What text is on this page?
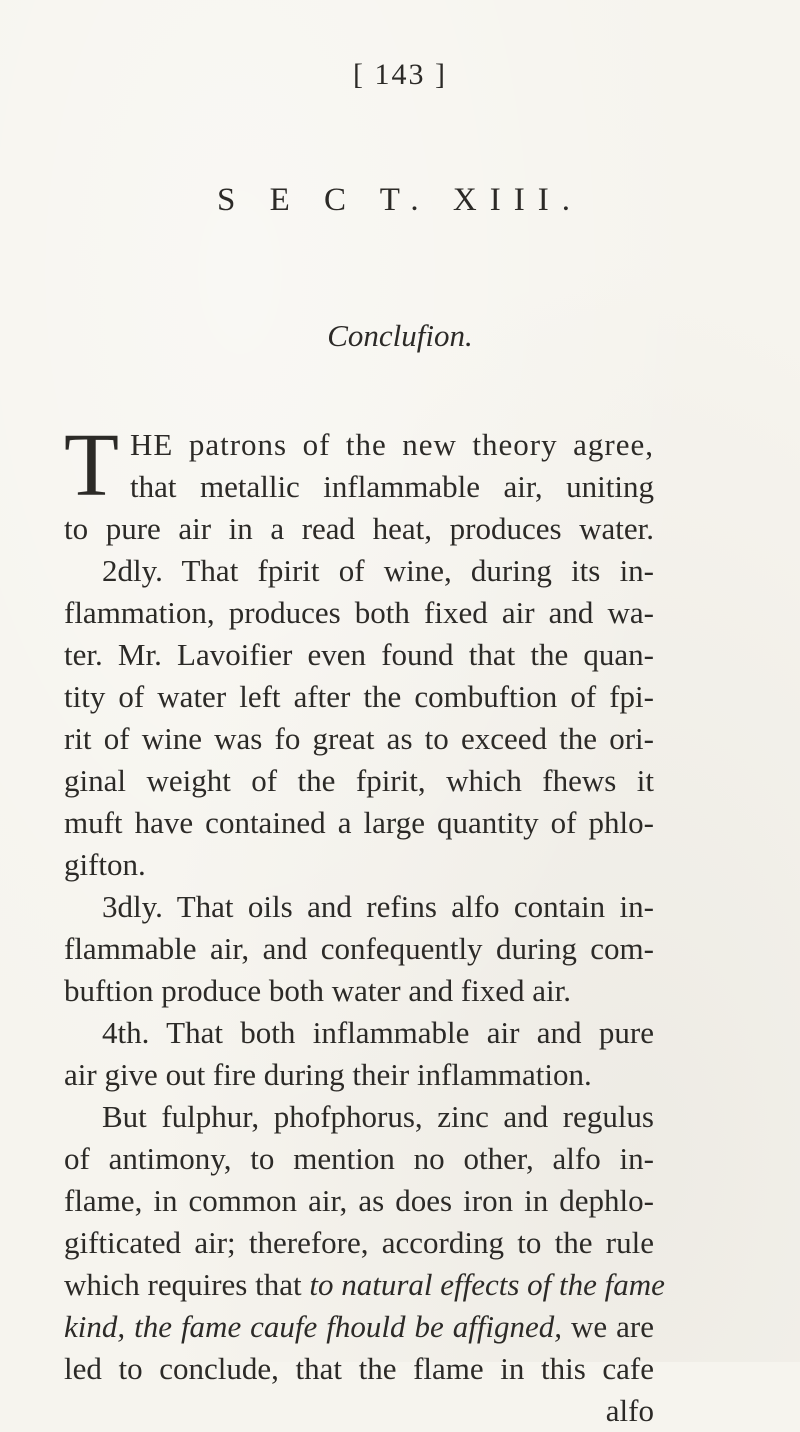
[ 143 ]
S E C T. XIII.
Conclufion.
T HE patrons of the new theory agree,
that metallic inflammable air, uniting
to pure air in a read heat, produces water.
2dly. That fpirit of wine, during its in-
flammation, produces both fixed air and wa-
ter. Mr. Lavoifier even found that the quan-
tity of water left after the combuftion of fpi-
rit of wine was fo great as to exceed the ori-
ginal weight of the fpirit, which fhews it
muft have contained a large quantity of phlo-
gifton.
3dly. That oils and refins alfo contain in-
flammable air, and confequently during com-
buftion produce both water and fixed air.
4th. That both inflammable air and pure
air give out fire during their inflammation.
But fulphur, phofphorus, zinc and regulus
of antimony, to mention no other, alfo in-
flame, in common air, as does iron in dephlo-
gifticated air; therefore, according to the rule
which requires that to natural effects of the fame
kind, the fame caufe fhould be affigned, we are
led to conclude, that the flame in this cafe
alfo
